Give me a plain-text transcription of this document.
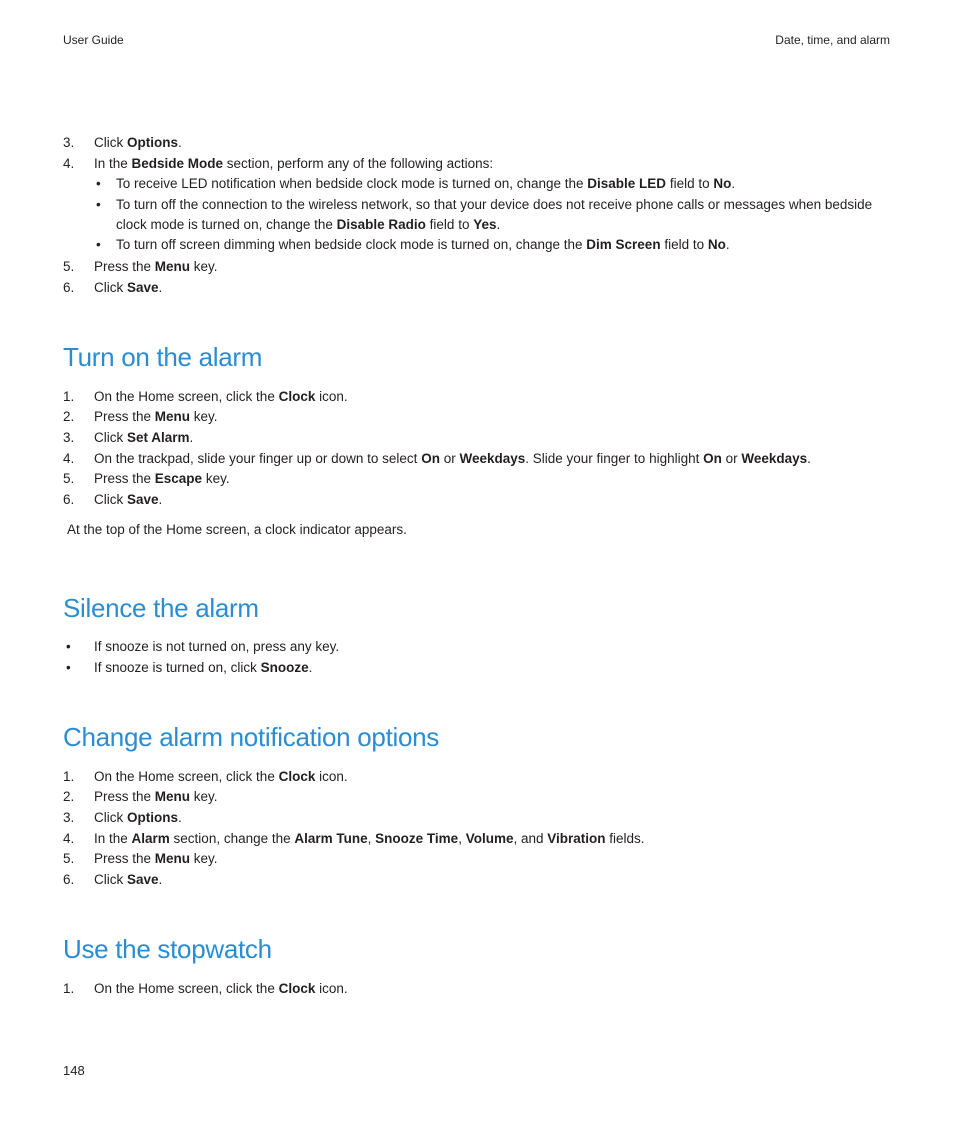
User Guide	Date, time, and alarm
3. Click Options.
4. In the Bedside Mode section, perform any of the following actions:
• To receive LED notification when bedside clock mode is turned on, change the Disable LED field to No.
• To turn off the connection to the wireless network, so that your device does not receive phone calls or messages when bedside clock mode is turned on, change the Disable Radio field to Yes.
• To turn off screen dimming when bedside clock mode is turned on, change the Dim Screen field to No.
5. Press the Menu key.
6. Click Save.
Turn on the alarm
1. On the Home screen, click the Clock icon.
2. Press the Menu key.
3. Click Set Alarm.
4. On the trackpad, slide your finger up or down to select On or Weekdays. Slide your finger to highlight On or Weekdays.
5. Press the Escape key.
6. Click Save.
At the top of the Home screen, a clock indicator appears.
Silence the alarm
• If snooze is not turned on, press any key.
• If snooze is turned on, click Snooze.
Change alarm notification options
1. On the Home screen, click the Clock icon.
2. Press the Menu key.
3. Click Options.
4. In the Alarm section, change the Alarm Tune, Snooze Time, Volume, and Vibration fields.
5. Press the Menu key.
6. Click Save.
Use the stopwatch
1. On the Home screen, click the Clock icon.
148
